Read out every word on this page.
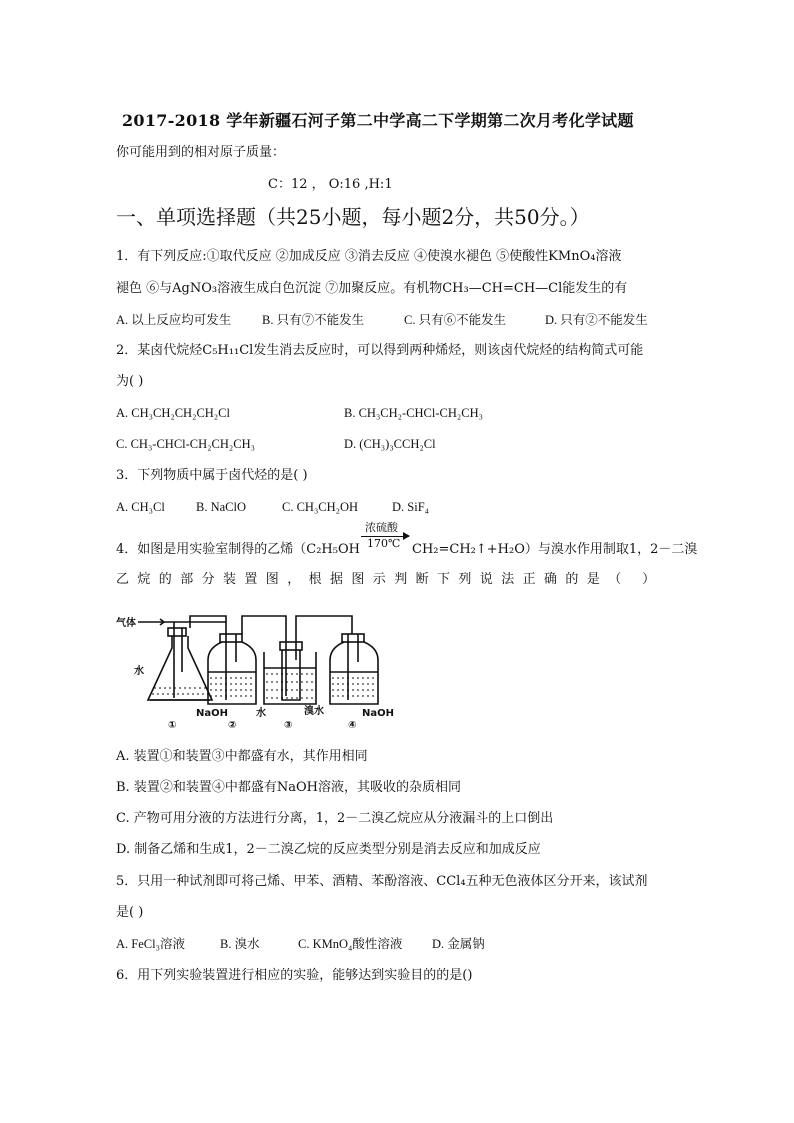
2017-2018 学年新疆石河子第二中学高二下学期第二次月考化学试题
你可能用到的相对原子质量：
C：12 ， O:16 ,H:1
一、单项选择题（共25小题，每小题2分，共50分。）
1．有下列反应:①取代反应 ②加成反应 ③消去反应 ④使溴水褪色 ⑤使酸性KMnO₄溶液
褪色 ⑥与AgNO₃溶液生成白色沉淀 ⑦加聚反应。有机物CH₃—CH=CH—Cl能发生的有
A. 以上反应均可发生 B. 只有⑦不能发生	C. 只有⑥不能发生	D. 只有②不能发生
2．某卤代烷烃C₅H₁₁Cl发生消去反应时，可以得到两种烯烃，则该卤代烷烃的结构简式可能
为( )
A. CH₃CH₂CH₂CH₂Cl	B. CH₃CH₂-CHCl-CH₂CH₃
C. CH₃-CHCl-CH₂CH₂CH₃	D. (CH₃)₃CCH₂Cl
3．下列物质中属于卤代烃的是( )
A. CH₃Cl B. NaClO	C. CH₃CH₂OH	D. SiF₄
4．如图是用实验室制得的乙烯（C₂H₅OH
浓硫酸
170℃ CH₂=CH₂↑+H₂O）与溴水作用制取1，2－二溴
乙烷的部分装置图，根据图示判断下列说法正确的是（ ）
气体
水
NaOH	水	溴水	NaOH
①	②	③	④
A. 装置①和装置③中都盛有水，其作用相同
B. 装置②和装置④中都盛有NaOH溶液，其吸收的杂质相同
C. 产物可用分液的方法进行分离，1，2－二溴乙烷应从分液漏斗的上口倒出
D. 制备乙烯和生成1，2－二溴乙烷的反应类型分别是消去反应和加成反应
5．只用一种试剂即可将己烯、甲苯、酒精、苯酚溶液、CCl₄五种无色液体区分开来，该试剂
是( )
A. FeCl₃溶液	B. 溴水	C. KMnO₄酸性溶液 D. 金属钠
6．用下列实验装置进行相应的实验，能够达到实验目的的是()
